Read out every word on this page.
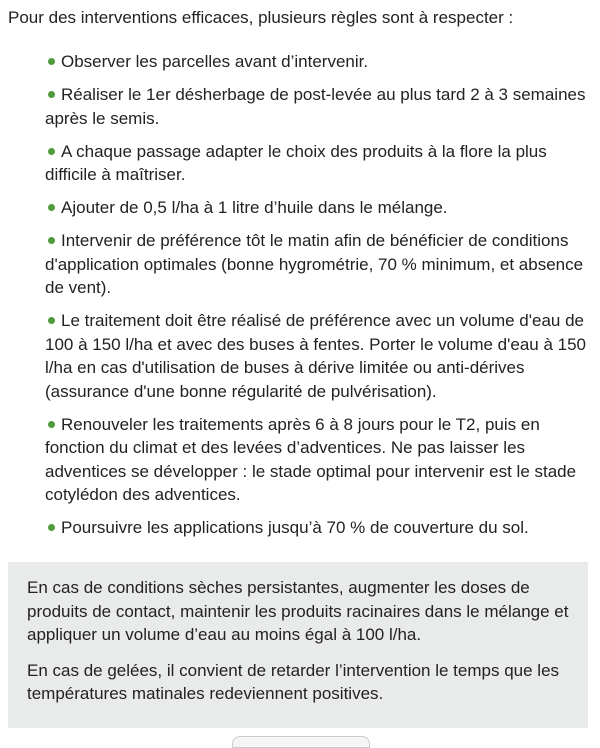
Pour des interventions efficaces, plusieurs règles sont à respecter :

Observer les parcelles avant d’intervenir.
Réaliser le 1er désherbage de post-levée au plus tard 2 à 3 semaines après le semis.
A chaque passage adapter le choix des produits à la flore la plus difficile à maîtriser.
Ajouter de 0,5 l/ha à 1 litre d’huile dans le mélange.
Intervenir de préférence tôt le matin afin de bénéficier de conditions d'application optimales (bonne hygrométrie, 70 % minimum, et absence de vent).
Le traitement doit être réalisé de préférence avec un volume d'eau de 100 à 150 l/ha et avec des buses à fentes. Porter le volume d'eau à 150 l/ha en cas d'utilisation de buses à dérive limitée ou anti-dérives (assurance d'une bonne régularité de pulvérisation).
Renouveler les traitements après 6 à 8 jours pour le T2, puis en fonction du climat et des levées d’adventices. Ne pas laisser les adventices se développer : le stade optimal pour intervenir est le stade cotylédon des adventices.
Poursuivre les applications jusqu’à 70 % de couverture du sol.

En cas de conditions sèches persistantes, augmenter les doses de produits de contact, maintenir les produits racinaires dans le mélange et appliquer un volume d’eau au moins égal à 100 l/ha.

En cas de gelées, il convient de retarder l’intervention le temps que les températures matinales redeviennent positives.
